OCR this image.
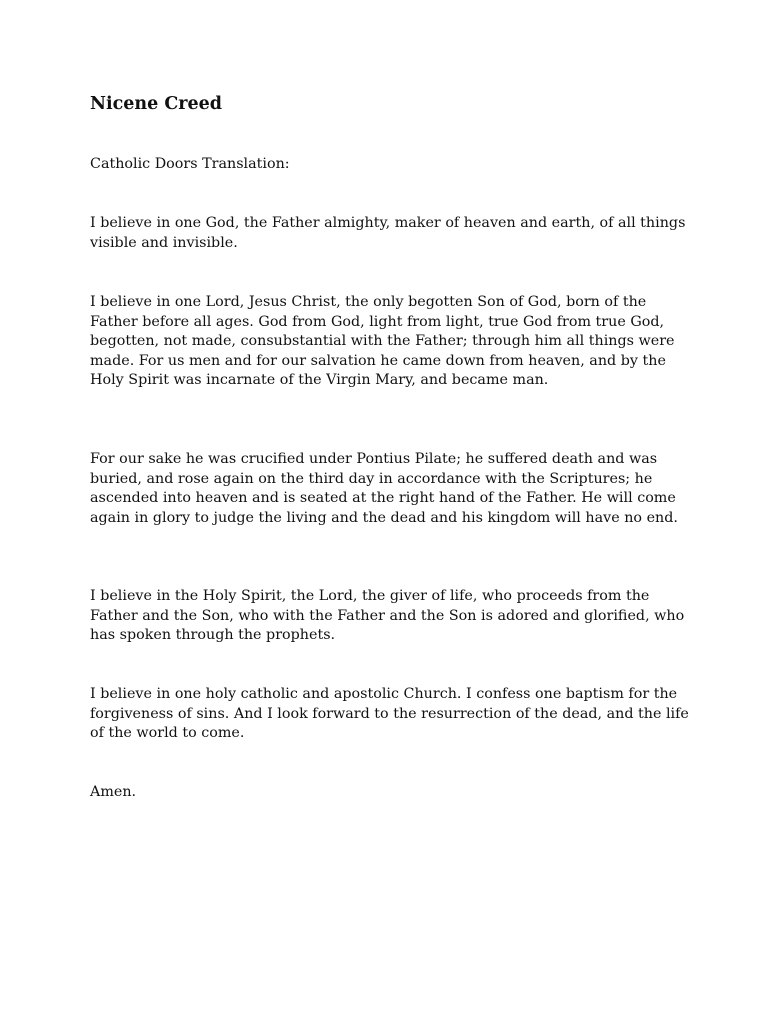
Nicene Creed

Catholic Doors Translation:

I believe in one God, the Father almighty, maker of heaven and earth, of all things visible and invisible.

I believe in one Lord, Jesus Christ, the only begotten Son of God, born of the Father before all ages. God from God, light from light, true God from true God, begotten, not made, consubstantial with the Father; through him all things were made. For us men and for our salvation he came down from heaven, and by the Holy Spirit was incarnate of the Virgin Mary, and became man.

For our sake he was crucified under Pontius Pilate; he suffered death and was buried, and rose again on the third day in accordance with the Scriptures; he ascended into heaven and is seated at the right hand of the Father. He will come again in glory to judge the living and the dead and his kingdom will have no end.

I believe in the Holy Spirit, the Lord, the giver of life, who proceeds from the Father and the Son, who with the Father and the Son is adored and glorified, who has spoken through the prophets.

I believe in one holy catholic and apostolic Church. I confess one baptism for the forgiveness of sins. And I look forward to the resurrection of the dead, and the life of the world to come.

Amen.
